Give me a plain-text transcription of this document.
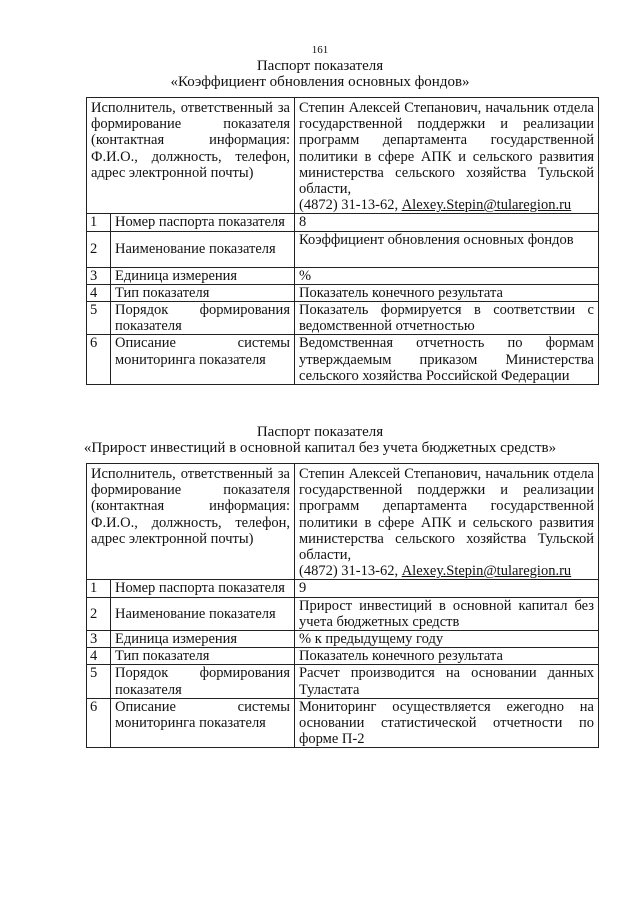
161
Паспорт показателя
«Коэффициент обновления основных фондов»
Исполнитель, ответственный за формирование показателя (контактная информация: Ф.И.О., должность, телефон, адрес электронной почты)		Степин Алексей Степанович, начальник отдела государственной поддержки и реализации программ департамента государственной политики в сфере АПК и сельского развития министерства сельского хозяйства Тульской области,
(4872) 31-13-62, Alexey.Stepin@tularegion.ru
1	Номер паспорта показателя	8
2	Наименование показателя	Коэффициент обновления основных фондов
3	Единица измерения	%
4	Тип показателя	Показатель конечного результата
5	Порядок формирования показателя	Показатель формируется в соответствии с ведомственной отчетностью
6	Описание системы мониторинга показателя	Ведомственная отчетность по формам утверждаемым приказом Министерства сельского хозяйства Российской Федерации
Паспорт показателя
«Прирост инвестиций в основной капитал без учета бюджетных средств»
Исполнитель, ответственный за формирование показателя (контактная информация: Ф.И.О., должность, телефон, адрес электронной почты)		Степин Алексей Степанович, начальник отдела государственной поддержки и реализации программ департамента государственной политики в сфере АПК и сельского развития министерства сельского хозяйства Тульской области,
(4872) 31-13-62, Alexey.Stepin@tularegion.ru
1	Номер паспорта показателя	9
2	Наименование показателя	Прирост инвестиций в основной капитал без учета бюджетных средств
3	Единица измерения	% к предыдущему году
4	Тип показателя	Показатель конечного результата
5	Порядок формирования показателя	Расчет производится на основании данных Туластата
6	Описание системы мониторинга показателя	Мониторинг осуществляется ежегодно на основании статистической отчетности по форме П-2
